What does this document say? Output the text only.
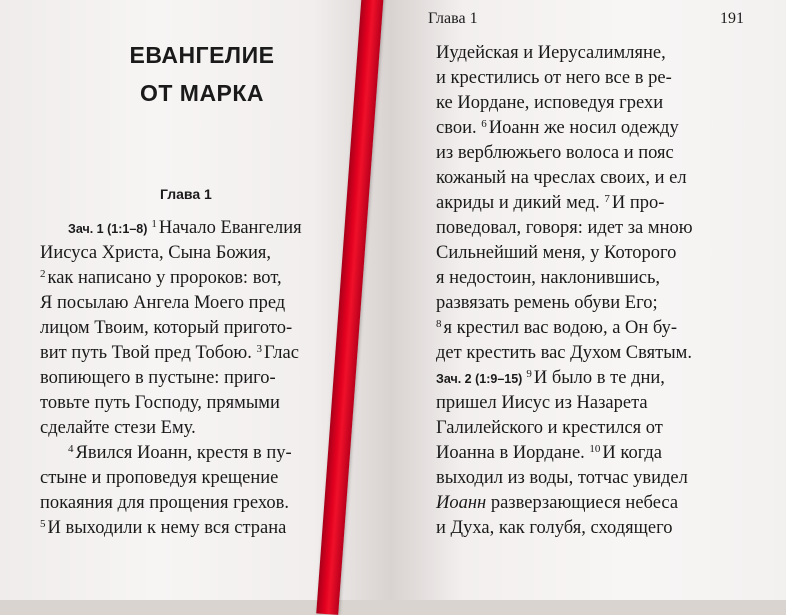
ЕВАНГЕЛИЕ
ОТ МАРКА
Глава 1
Зач. 1 (1:1–8) $^1$ Начало Евангелия
Иисуса Христа, Сына Божия,
$^2$ как написано у пророков: вот,
Я посылаю Ангела Моего пред
лицом Твоим, который пригото-
вит путь Твой пред Тобою. $^3$ Глас
вопиющего в пустыне: приго-
товьте путь Господу, прямыми
сделайте стези Ему.
$^4$ Явился Иоанн, крестя в пу-
стыне и проповедуя крещение
покаяния для прощения грехов.
$^5$ И выходили к нему вся страна
Глава 1	191
Иудейская и Иерусалимляне,
и крестились от него все в ре-
ке Иордане, исповедуя грехи
свои. $^6$ Иоанн же носил одежду
из верблюжьего волоса и пояс
кожаный на чреслах своих, и ел
акриды и дикий мед. $^7$ И про-
поведовал, говоря: идет за мною
Сильнейший меня, у Которого
я недостоин, наклонившись,
развязать ремень обуви Его;
$^8$ я крестил вас водою, а Он бу-
дет крестить вас Духом Святым.
Зач. 2 (1:9–15) $^9$ И было в те дни,
пришел Иисус из Назарета
Галилейского и крестился от
Иоанна в Иордане. $^{10}$ И когда
выходил из воды, тотчас увидел
Иоанн разверзающиеся небеса
и Духа, как голубя, сходящего
